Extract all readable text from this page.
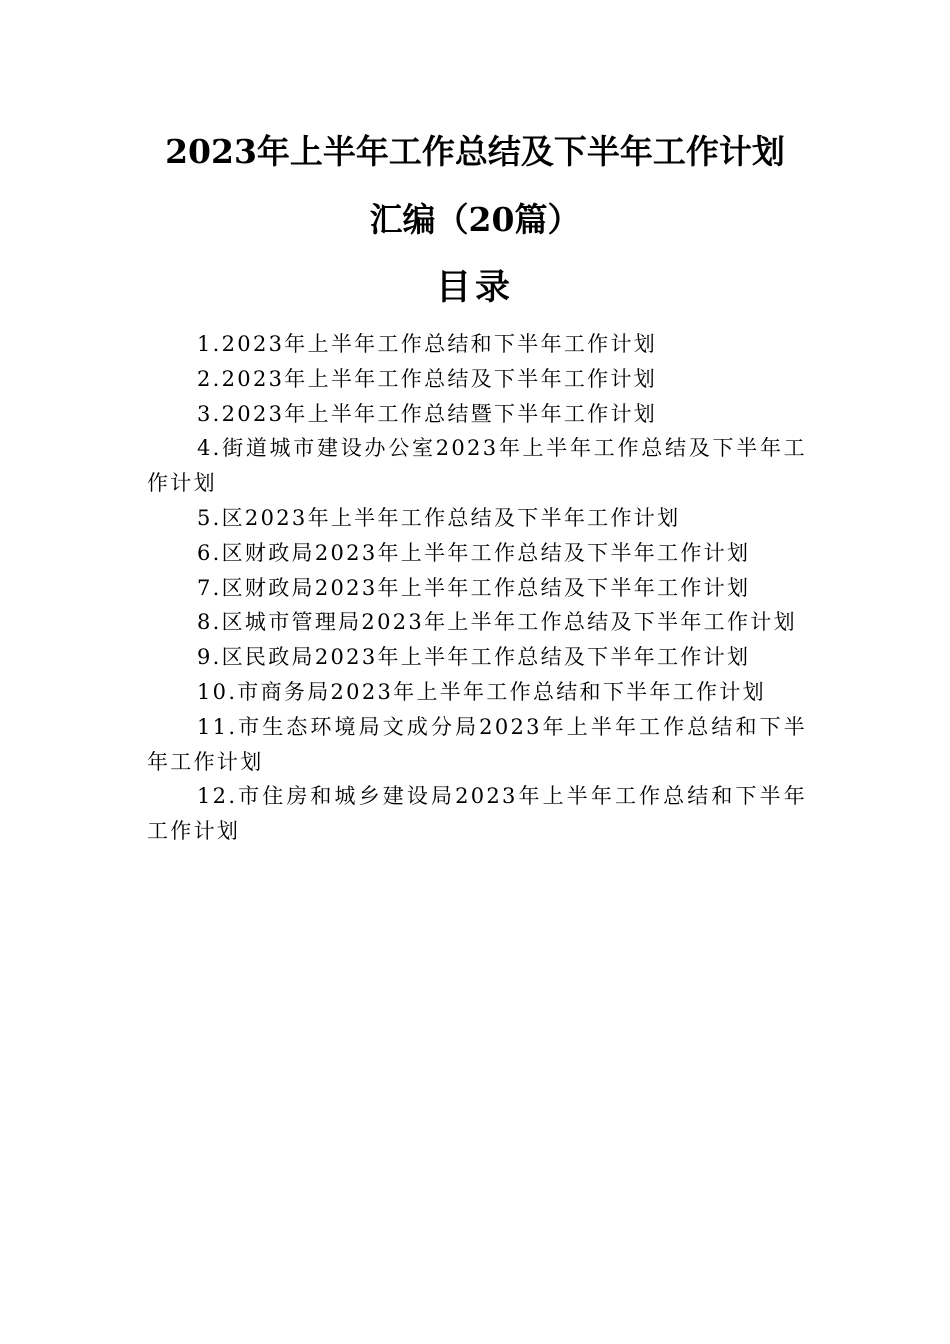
2023年上半年工作总结及下半年工作计划
汇编（20篇）
目录
1.2023年上半年工作总结和下半年工作计划
2.2023年上半年工作总结及下半年工作计划
3.2023年上半年工作总结暨下半年工作计划
4.街道城市建设办公室2023年上半年工作总结及下半年工作计划
5.区2023年上半年工作总结及下半年工作计划
6.区财政局2023年上半年工作总结及下半年工作计划
7.区财政局2023年上半年工作总结及下半年工作计划
8.区城市管理局2023年上半年工作总结及下半年工作计划
9.区民政局2023年上半年工作总结及下半年工作计划
10.市商务局2023年上半年工作总结和下半年工作计划
11.市生态环境局文成分局2023年上半年工作总结和下半年工作计划
12.市住房和城乡建设局2023年上半年工作总结和下半年工作计划
